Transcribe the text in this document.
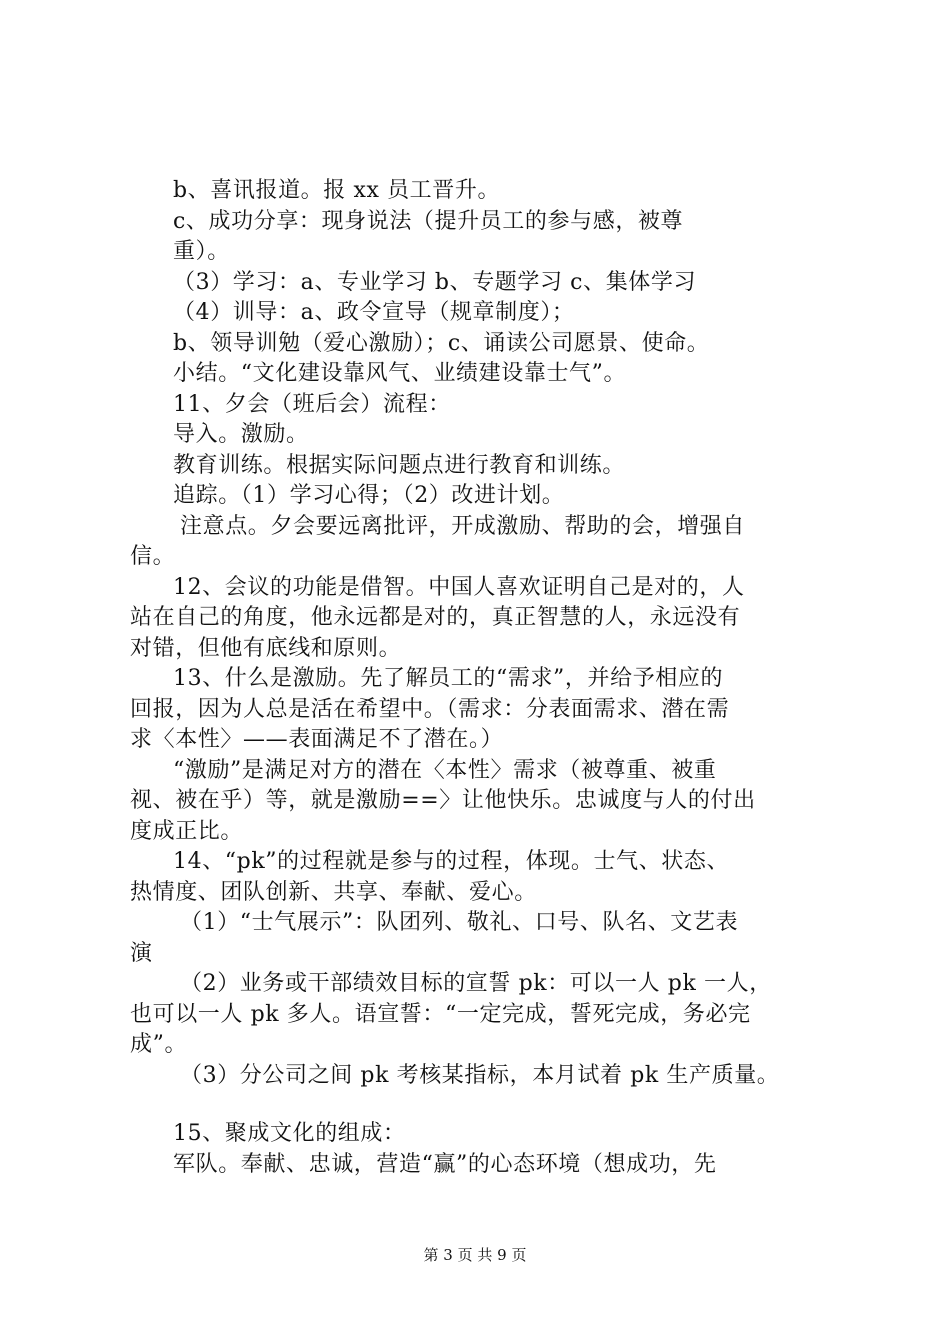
b、喜讯报道。报 xx 员工晋升。
c、成功分享：现身说法（提升员工的参与感，被尊
重）。
（3）学习：a、专业学习 b、专题学习 c、集体学习
（4）训导：a、政令宣导（规章制度）；
b、领导训勉（爱心激励）；c、诵读公司愿景、使命。
小结。“文化建设靠风气、业绩建设靠士气”。
11、夕会（班后会）流程：
导入。激励。
教育训练。根据实际问题点进行教育和训练。
追踪。（1）学习心得；（2）改进计划。
注意点。夕会要远离批评，开成激励、帮助的会，增强自
信。
12、会议的功能是借智。中国人喜欢证明自己是对的，人
站在自己的角度，他永远都是对的，真正智慧的人，永远没有
对错，但他有底线和原则。
13、什么是激励。先了解员工的“需求”，并给予相应的
回报，因为人总是活在希望中。（需求：分表面需求、潜在需
求〈本性〉——表面满足不了潜在。）
“激励”是满足对方的潜在〈本性〉需求（被尊重、被重
视、被在乎）等，就是激励==〉让他快乐。忠诚度与人的付出
度成正比。
14、“pk”的过程就是参与的过程，体现。士气、状态、
热情度、团队创新、共享、奉献、爱心。
（1）“士气展示”：队团列、敬礼、口号、队名、文艺表
演
（2）业务或干部绩效目标的宣誓 pk：可以一人 pk 一人，
也可以一人 pk 多人。语宣誓：“一定完成，誓死完成，务必完
成”。
（3）分公司之间 pk 考核某指标，本月试着 pk 生产质量。
15、聚成文化的组成：
军队。奉献、忠诚，营造“赢”的心态环境（想成功，先
第 3 页 共 9 页
